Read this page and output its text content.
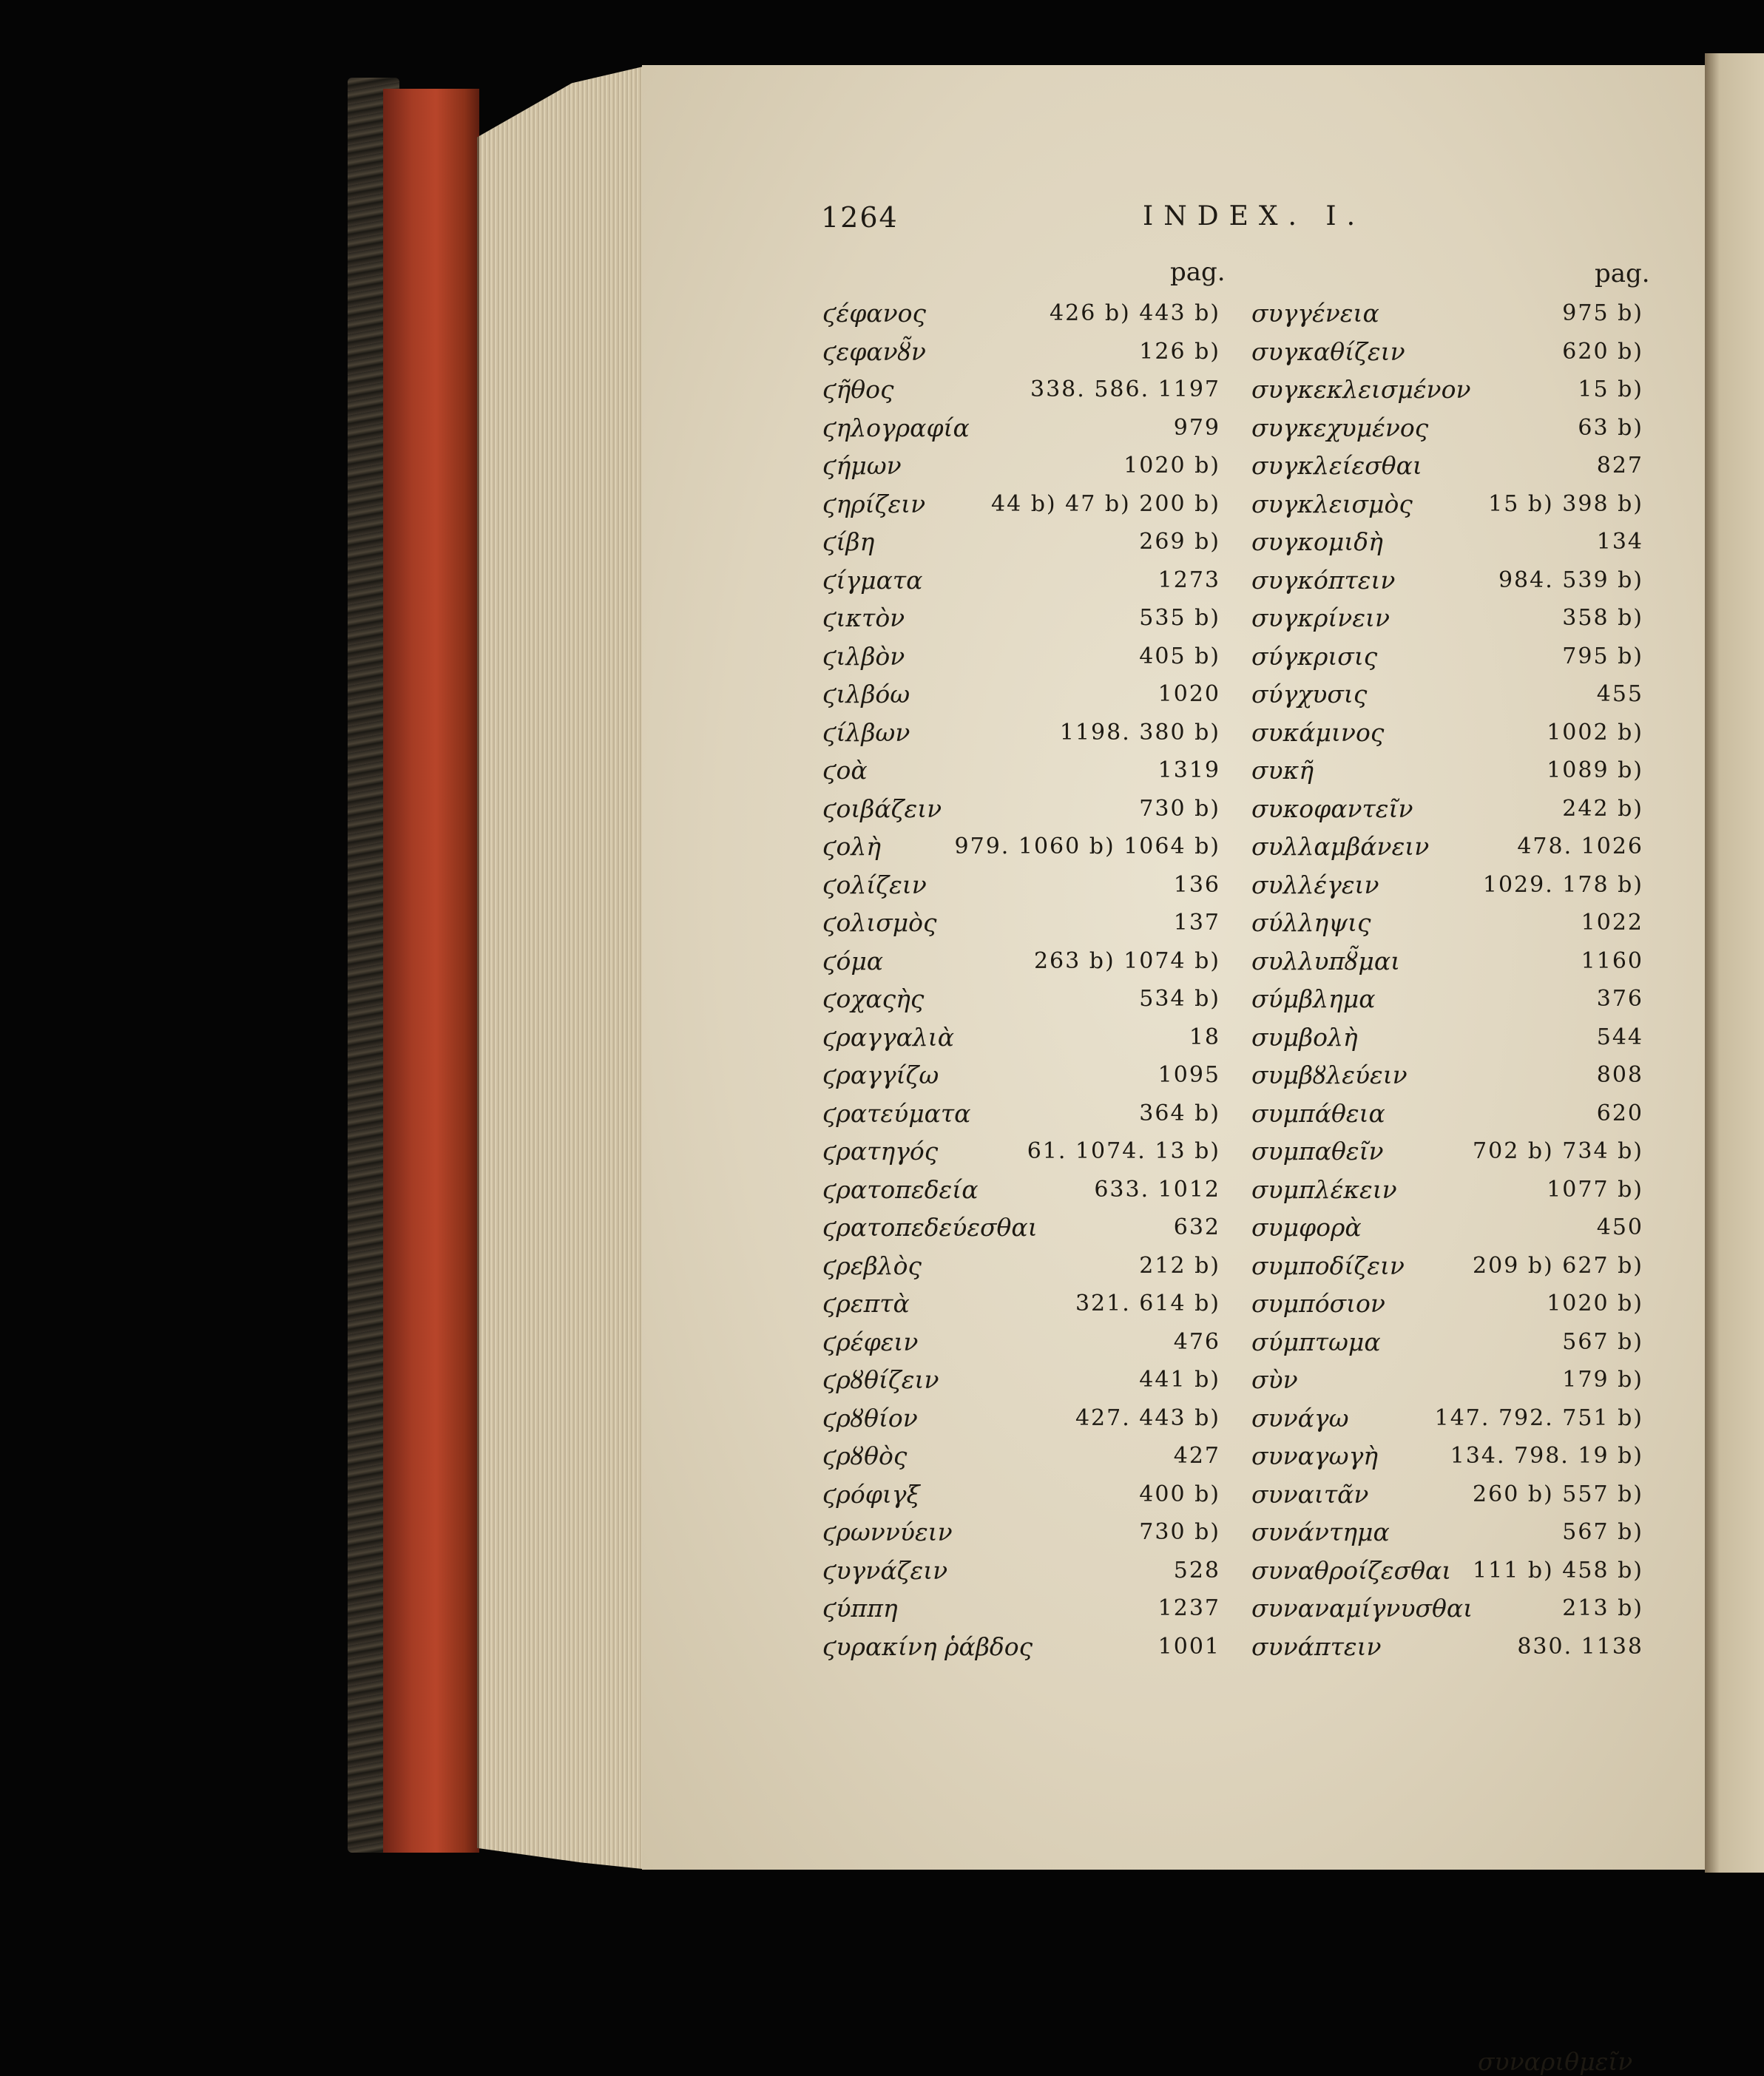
1264	INDEX. I.
pag.	pag.
ϛέφανος	426 b) 443 b)
ϛεφανȣ̃ν	126 b)
ϛῆθος	338. 586. 1197
ϛηλογραφία	979
ϛήμων	1020 b)
ϛηρίζειν	44 b) 47 b) 200 b)
ϛίβη	269 b)
ϛίγματα	1273
ϛικτὸν	535 b)
ϛιλβὸν	405 b)
ϛιλβόω	1020
ϛίλβων	1198. 380 b)
ϛοὰ	1319
ϛοιβάζειν	730 b)
ϛολὴ	979. 1060 b) 1064 b)
ϛολίζειν	136
ϛολισμὸς	137
ϛόμα	263 b) 1074 b)
ϛοχαςὴς	534 b)
ϛραγγαλιὰ	18
ϛραγγίζω	1095
ϛρατεύματα	364 b)
ϛρατηγός	61. 1074. 13 b)
ϛρατοπεδεία	633. 1012
ϛρατοπεδεύεσθαι	632
ϛρεβλὸς	212 b)
ϛρεπτὰ	321. 614 b)
ϛρέφειν	476
ϛρȣθίζειν	441 b)
ϛρȣθίον	427. 443 b)
ϛρȣθὸς	427
ϛρόφιγξ	400 b)
ϛρωννύειν	730 b)
ϛυγνάζειν	528
ϛύππη	1237
ϛυρακίνη ῥάβδος	1001
συγγένεια	975 b)
συγκαθίζειν	620 b)
συγκεκλεισμένον	15 b)
συγκεχυμένος	63 b)
συγκλείεσθαι	827
συγκλεισμὸς	15 b) 398 b)
συγκομιδὴ	134
συγκόπτειν	984. 539 b)
συγκρίνειν	358 b)
σύγκρισις	795 b)
σύγχυσις	455
συκάμινος	1002 b)
συκῆ	1089 b)
συκοφαντεῖν	242 b)
συλλαμβάνειν	478. 1026
συλλέγειν	1029. 178 b)
σύλληψις	1022
συλλυπȣ̃μαι	1160
σύμβλημα	376
συμβολὴ	544
συμβȣλεύειν	808
συμπάθεια	620
συμπαθεῖν	702 b) 734 b)
συμπλέκειν	1077 b)
συμφορὰ	450
συμποδίζειν	209 b) 627 b)
συμπόσιον	1020 b)
σύμπτωμα	567 b)
σὺν	179 b)
συνάγω	147. 792. 751 b)
συναγωγὴ	134. 798. 19 b)
συναιτᾶν	260 b) 557 b)
συνάντημα	567 b)
συναθροίζεσθαι 111 b) 458 b)
συναναμίγνυσθαι	213 b)
συνάπτειν	830. 1138
συναριθμεῖν
